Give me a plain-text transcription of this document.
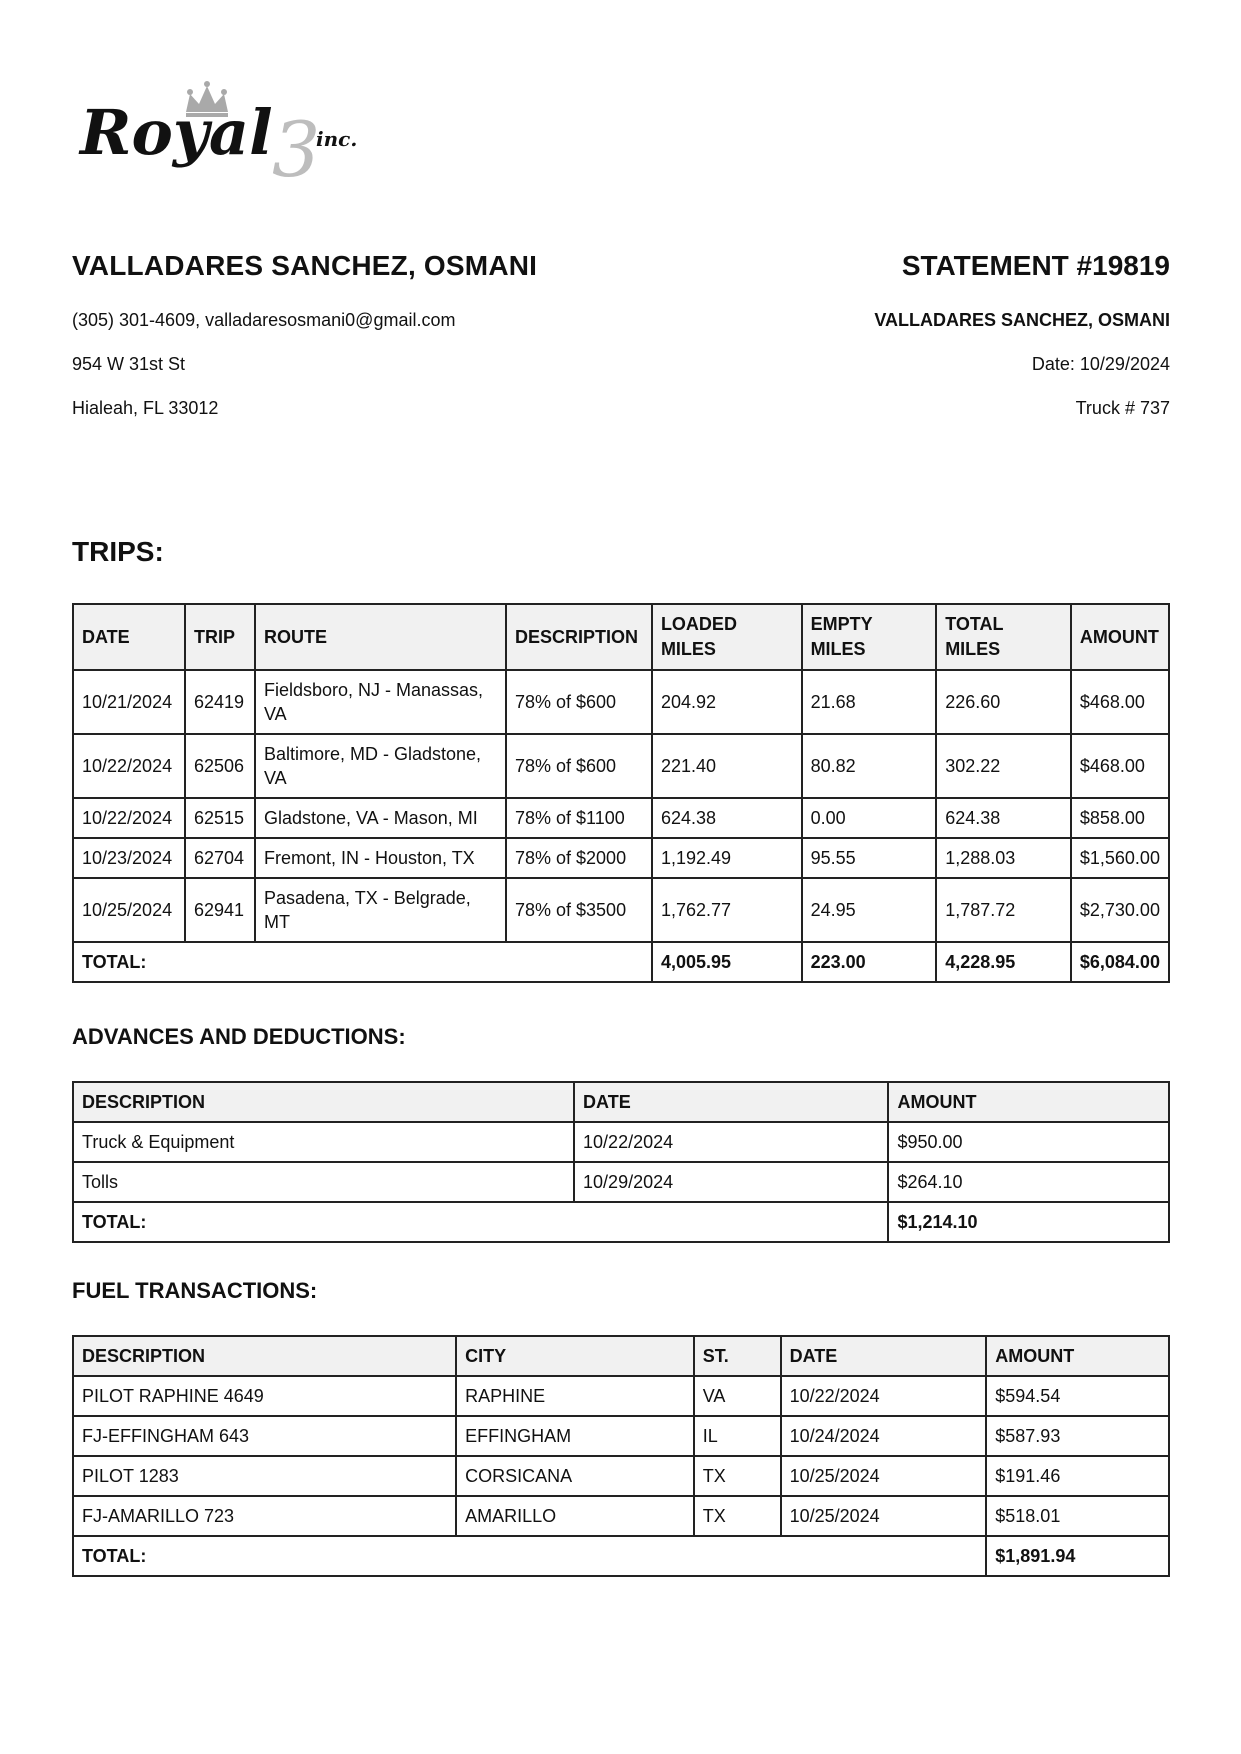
3
Royal inc.
VALLADARES SANCHEZ, OSMANI	STATEMENT #19819
(305) 301-4609, valladaresosmani0@gmail.com
954 W 31st St
Hialeah, FL 33012
VALLADARES SANCHEZ, OSMANI
Date: 10/29/2024
Truck # 737
TRIPS:
DATE	TRIP	ROUTE	DESCRIPTION	LOADED MILES	EMPTY MILES	TOTAL MILES	AMOUNT
10/21/2024	62419	Fieldsboro, NJ - Manassas, VA	78% of $600	204.92	21.68	226.60	$468.00
10/22/2024	62506	Baltimore, MD - Gladstone, VA	78% of $600	221.40	80.82	302.22	$468.00
10/22/2024	62515	Gladstone, VA - Mason, MI	78% of $1100	624.38	0.00	624.38	$858.00
10/23/2024	62704	Fremont, IN - Houston, TX	78% of $2000	1,192.49	95.55	1,288.03	$1,560.00
10/25/2024	62941	Pasadena, TX - Belgrade, MT	78% of $3500	1,762.77	24.95	1,787.72	$2,730.00
TOTAL:				4,005.95	223.00	4,228.95	$6,084.00
ADVANCES AND DEDUCTIONS:
DESCRIPTION	DATE	AMOUNT
Truck & Equipment	10/22/2024	$950.00
Tolls	10/29/2024	$264.10
TOTAL:		$1,214.10
FUEL TRANSACTIONS:
DESCRIPTION	CITY	ST.	DATE	AMOUNT
PILOT RAPHINE 4649	RAPHINE	VA	10/22/2024	$594.54
FJ-EFFINGHAM 643	EFFINGHAM	IL	10/24/2024	$587.93
PILOT 1283	CORSICANA	TX	10/25/2024	$191.46
FJ-AMARILLO 723	AMARILLO	TX	10/25/2024	$518.01
TOTAL:				$1,891.94
